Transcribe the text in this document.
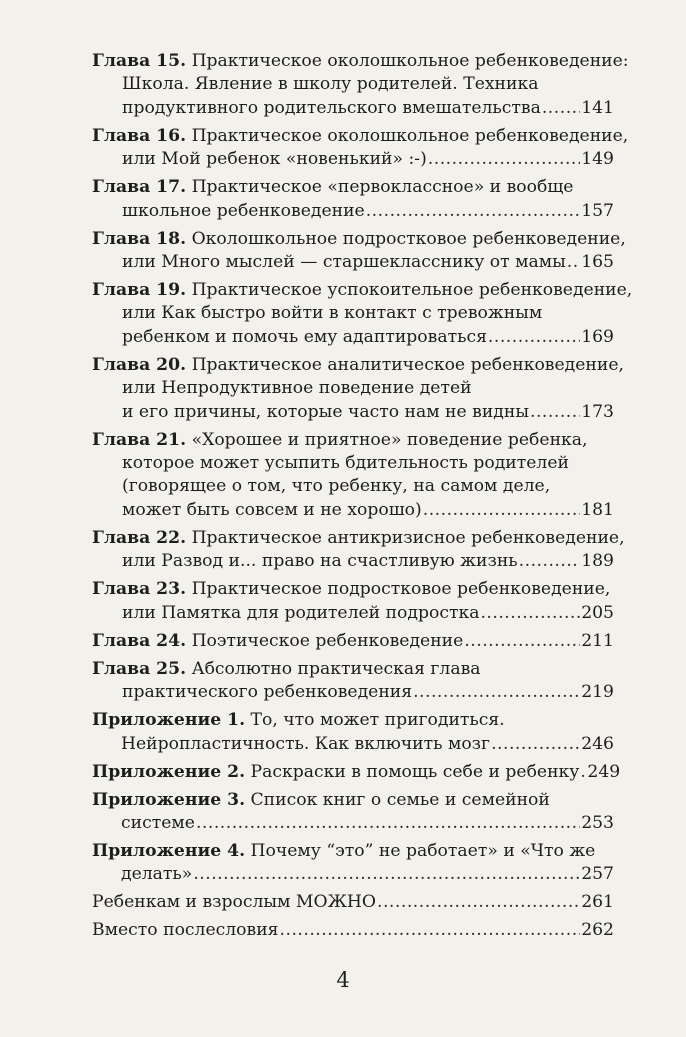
Глава 15.
Практическое околошкольное ребенковедение:
Школа. Явление в школу родителей. Техника
продуктивного родительского вмешательства ..... 141
Глава 16.
Практическое околошкольное ребенковедение,
или Мой ребенок «новенький» :-) .....	149
Глава 17.
Практическое «первоклассное» и вообще
школьное ребенковедение .....	157
Глава 18.
Околошкольное подростковое ребенковедение,
или Много мыслей — старшекласснику от мамы ..... 165
Глава 19.
Практическое успокоительное ребенковедение,
или Как быстро войти в контакт с тревожным
ребенком и помочь ему адаптироваться .....	169
Глава 20.
Практическое аналитическое ребенковедение,
или Непродуктивное поведение детей
и его причины, которые часто нам не видны .....	173
Глава 21.
«Хорошее и приятное» поведение ребенка,
которое может усыпить бдительность родителей
(говорящее о том, что ребенку, на самом деле,
может быть совсем и не хорошо) .....	181
Глава 22.
Практическое антикризисное ребенковедение,
или Развод и... право на счастливую жизнь .....	189
Глава 23.
Практическое подростковое ребенковедение,
или Памятка для родителей подростка .....	205
Глава 24.
Поэтическое ребенковедение .....	211
Глава 25.
Абсолютно практическая глава
практического ребенковедения .....	219
Приложение 1.
То, что может пригодиться.
Нейропластичность. Как включить мозг .....	246
Приложение 2.
Раскраски в помощь себе и ребенку ..... 249
Приложение 3.
Список книг о семье и семейной
системе .....	253
Приложение 4.
Почему “это” не работает» и «Что же
делать» .....	257
Ребенкам и взрослым МОЖНО .....	261
Вместо послесловия .....	262
4
